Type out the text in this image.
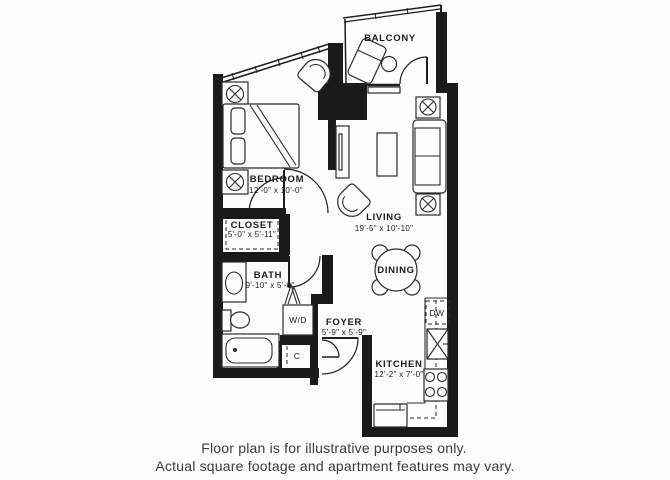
BALCONY
BEDROOM
12'-0" x 10'-0"
CLOSET
5'-0" x 5'-11"
LIVING
19'-5" x 10'-10"
DINING
BATH
9'-10" x 5'-0"
FOYER
5'-9" x 5'-9"
KITCHEN
12'-2" x 7'-0"
W/D
C
DW
Floor plan is for illustrative purposes only.
Actual square footage and apartment features may vary.
